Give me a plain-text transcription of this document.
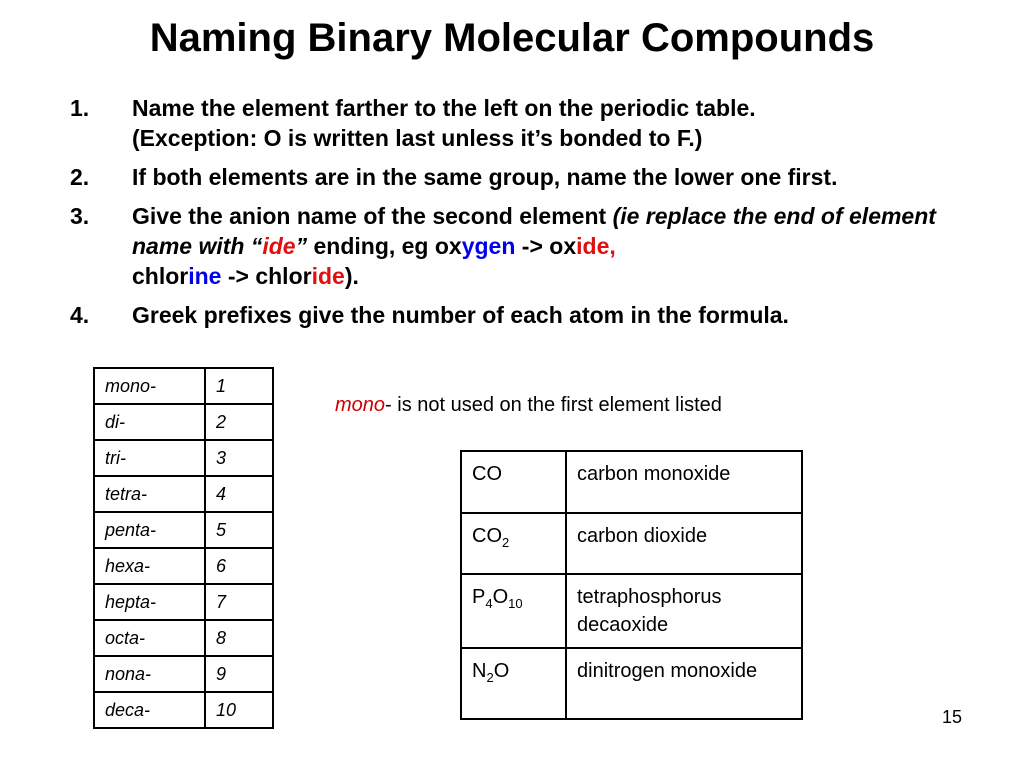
Naming Binary Molecular Compounds
1. Name the element farther to the left on the periodic table.
(Exception: O is written last unless it’s bonded to F.)
2. If both elements are in the same group, name the lower one first.
3. Give the anion name of the second element (ie replace the end of element name with “ide” ending, eg oxygen -> oxide,
chlorine -> chloride).
4. Greek prefixes give the number of each atom in the formula.
mono-	1
di-	2
tri-	3
tetra-	4
penta-	5
hexa-	6
hepta-	7
octa-	8
nona-	9
deca-	10

mono- is not used on the first element listed

CO	carbon monoxide
$CO_2$	carbon dioxide
$P_4O_{10}$	tetraphosphorus decaoxide
$N_2O$	dinitrogen monoxide
15
